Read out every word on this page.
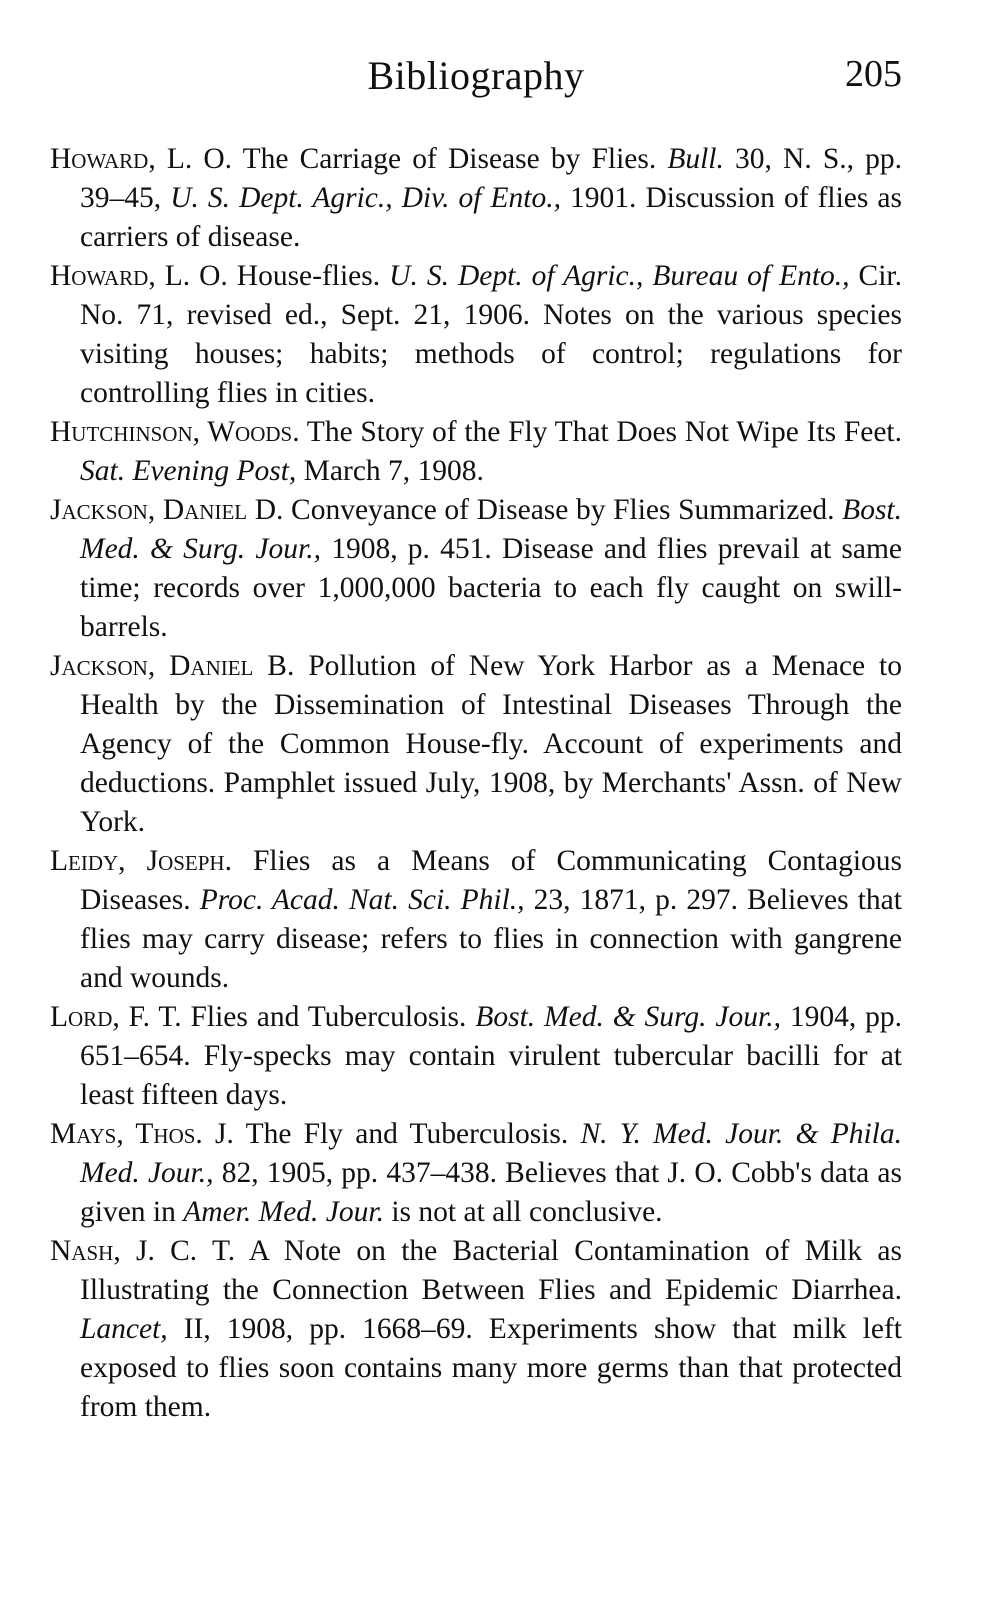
Bibliography	205

Howard, L. O. The Carriage of Disease by Flies. Bull. 30, N. S., pp. 39–45, U. S. Dept. Agric., Div. of Ento., 1901. Discussion of flies as carriers of disease.

Howard, L. O. House-flies. U. S. Dept. of Agric., Bureau of Ento., Cir. No. 71, revised ed., Sept. 21, 1906. Notes on the various species visiting houses; habits; methods of control; regulations for controlling flies in cities.

Hutchinson, Woods. The Story of the Fly That Does Not Wipe Its Feet. Sat. Evening Post, March 7, 1908.

Jackson, Daniel D. Conveyance of Disease by Flies Summarized. Bost. Med. & Surg. Jour., 1908, p. 451. Disease and flies prevail at same time; records over 1,000,000 bacteria to each fly caught on swill-barrels.

Jackson, Daniel B. Pollution of New York Harbor as a Menace to Health by the Dissemination of Intestinal Diseases Through the Agency of the Common House-fly. Account of experiments and deductions. Pamphlet issued July, 1908, by Merchants' Assn. of New York.

Leidy, Joseph. Flies as a Means of Communicating Contagious Diseases. Proc. Acad. Nat. Sci. Phil., 23, 1871, p. 297. Believes that flies may carry disease; refers to flies in connection with gangrene and wounds.

Lord, F. T. Flies and Tuberculosis. Bost. Med. & Surg. Jour., 1904, pp. 651–654. Fly-specks may contain virulent tubercular bacilli for at least fifteen days.

Mays, Thos. J. The Fly and Tuberculosis. N. Y. Med. Jour. & Phila. Med. Jour., 82, 1905, pp. 437–438. Believes that J. O. Cobb's data as given in Amer. Med. Jour. is not at all conclusive.

Nash, J. C. T. A Note on the Bacterial Contamination of Milk as Illustrating the Connection Between Flies and Epidemic Diarrhea. Lancet, II, 1908, pp. 1668–69. Experiments show that milk left exposed to flies soon contains many more germs than that protected from them.
